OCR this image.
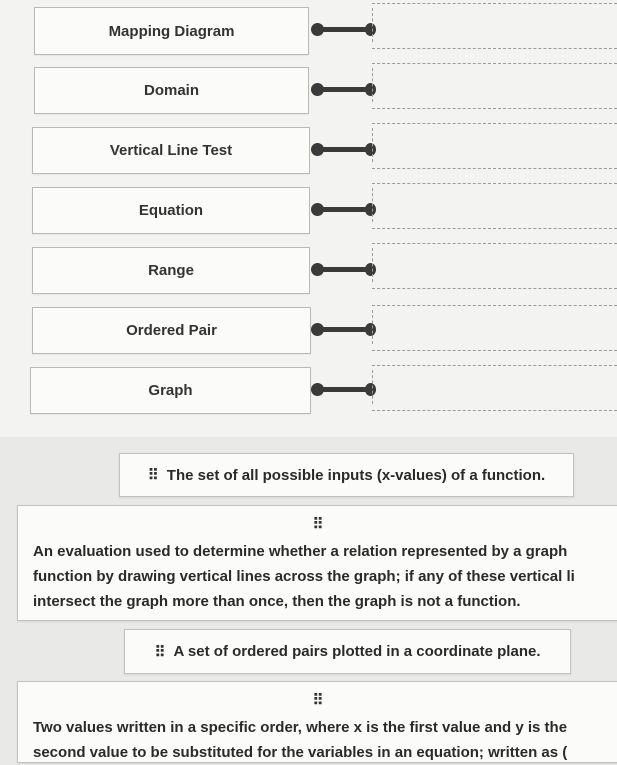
Mapping Diagram
Domain
Vertical Line Test
Equation
Range
Ordered Pair
Graph
⠿ The set of all possible inputs (x-values) of a function.
⠿
An evaluation used to determine whether a relation represented by a graph
function by drawing vertical lines across the graph; if any of these vertical li
intersect the graph more than once, then the graph is not a function.
⠿ A set of ordered pairs plotted in a coordinate plane.
⠿
Two values written in a specific order, where x is the first value and y is the
second value to be substituted for the variables in an equation; written as (
